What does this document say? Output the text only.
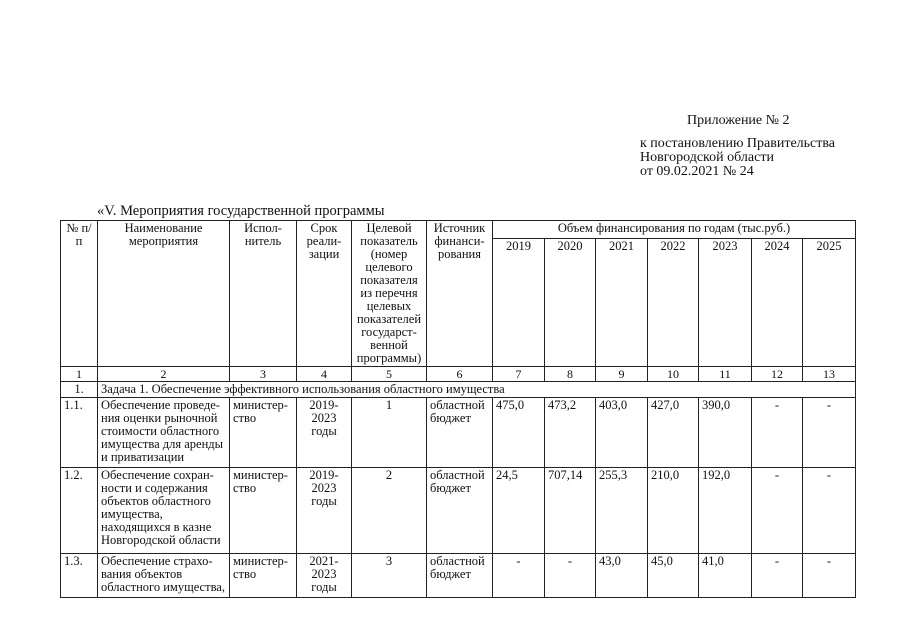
Приложение № 2
к постановлению Правительства
Новгородской области
от 09.02.2021 № 24
«V. Мероприятия государственной программы
№ п/п	Наименование мероприятия	Испол-нитель	Срок реали-зации	Целевой показатель (номер целевого показателя из перечня целевых показателей государст-венной программы)	Источник финанси-рования	Объем финансирования по годам (тыс.руб.)						
						2019	2020	2021	2022	2023	2024	2025
1	2	3	4	5	6	7	8	9	10	11	12	13
1.	Задача 1. Обеспечение эффективного использования областного имущества											
1.1.	Обеспечение проведе-ния оценки рыночной стоимости областного имущества для аренды и приватизации	министер-ство	2019-2023 годы	1	областной бюджет	475,0	473,2	403,0	427,0	390,0	-	-
1.2.	Обеспечение сохран-ности и содержания объектов областного имущества, находящихся в казне Новгородской области	министер-ство	2019-2023 годы	2	областной бюджет	24,5	707,14	255,3	210,0	192,0	-	-
1.3.	Обеспечение страхо-вания объектов областного имущества,	министер-ство	2021-2023 годы	3	областной бюджет	-	-	43,0	45,0	41,0	-	-
